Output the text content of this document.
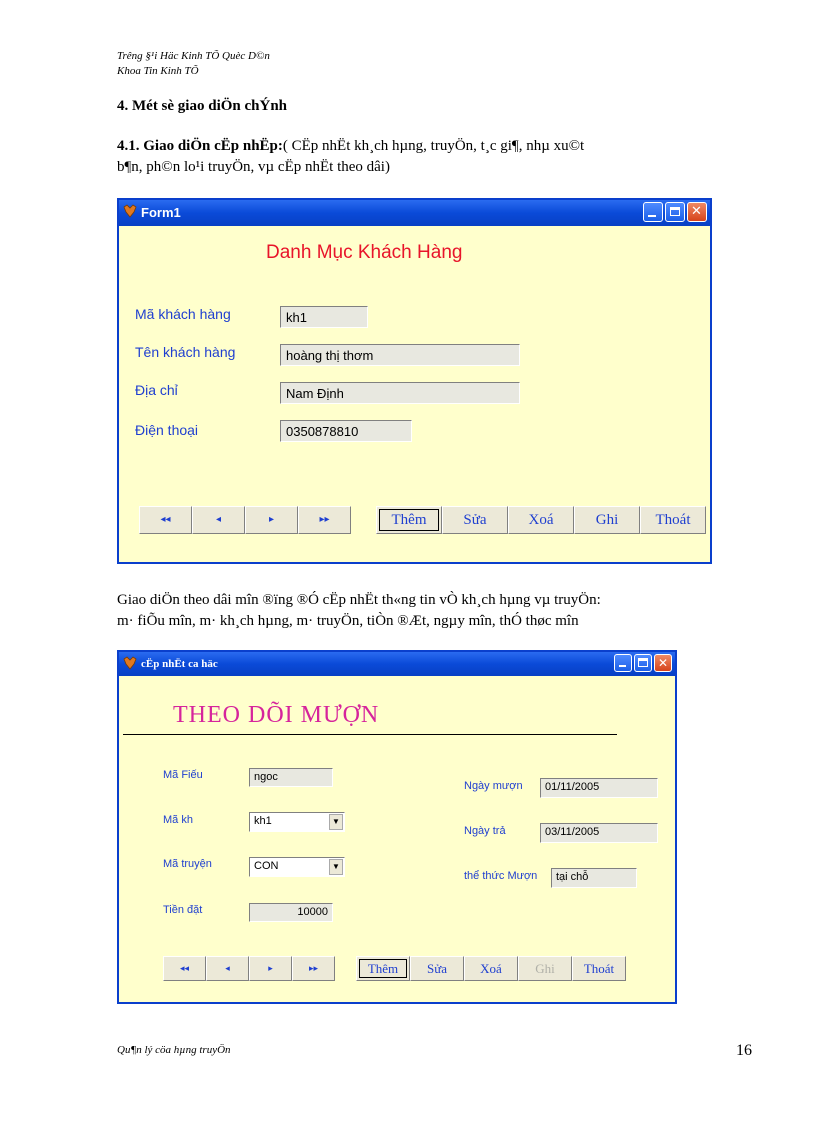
Trêng §¹i Häc Kinh TÕ Quèc D©n
Khoa Tin Kinh TÕ
4. Mét sè giao diÖn chÝnh
4.1. Giao diÖn cËp nhËp:( CËp nhËt kh¸ch hµng, truyÖn, t¸c gi¶, nhµ xu©t
b¶n, ph©n lo¹i truyÖn, vµ cËp nhËt theo dâi)
Form1	✕
Danh Mục Khách Hàng
Mã khách hàng	kh1
Tên khách hàng	hoàng thị thơm
Địa chỉ	Nam Định
Điện thoại	0350878810
◂◂	◂	▸	▸▸	Thêm	Sửa	Xoá	Ghi	Thoát
Giao diÖn theo dâi mîn ®ïng ®Ó cËp nhËt th«ng tin vÒ kh¸ch hµng vµ truyÖn:
m· fiÕu mîn, m· kh¸ch hµng, m· truyÖn, tiÒn ®Æt, ngµy mîn, thÓ thøc mîn
cËp nhËt ca häc	✕
THEO DÕI MƯỢN
Mã Fiếu	ngoc
Mã kh	kh1	▼
Mã truyện	CON	▼
Tiền đặt	10000
Ngày mượn	01/11/2005
Ngày trả	03/11/2005
thể thức Mượn	tại chỗ
◂◂	◂	▸	▸▸	Thêm	Sửa	Xoá	Ghi	Thoát
Qu¶n lý cöa hµng truyÖn	16
